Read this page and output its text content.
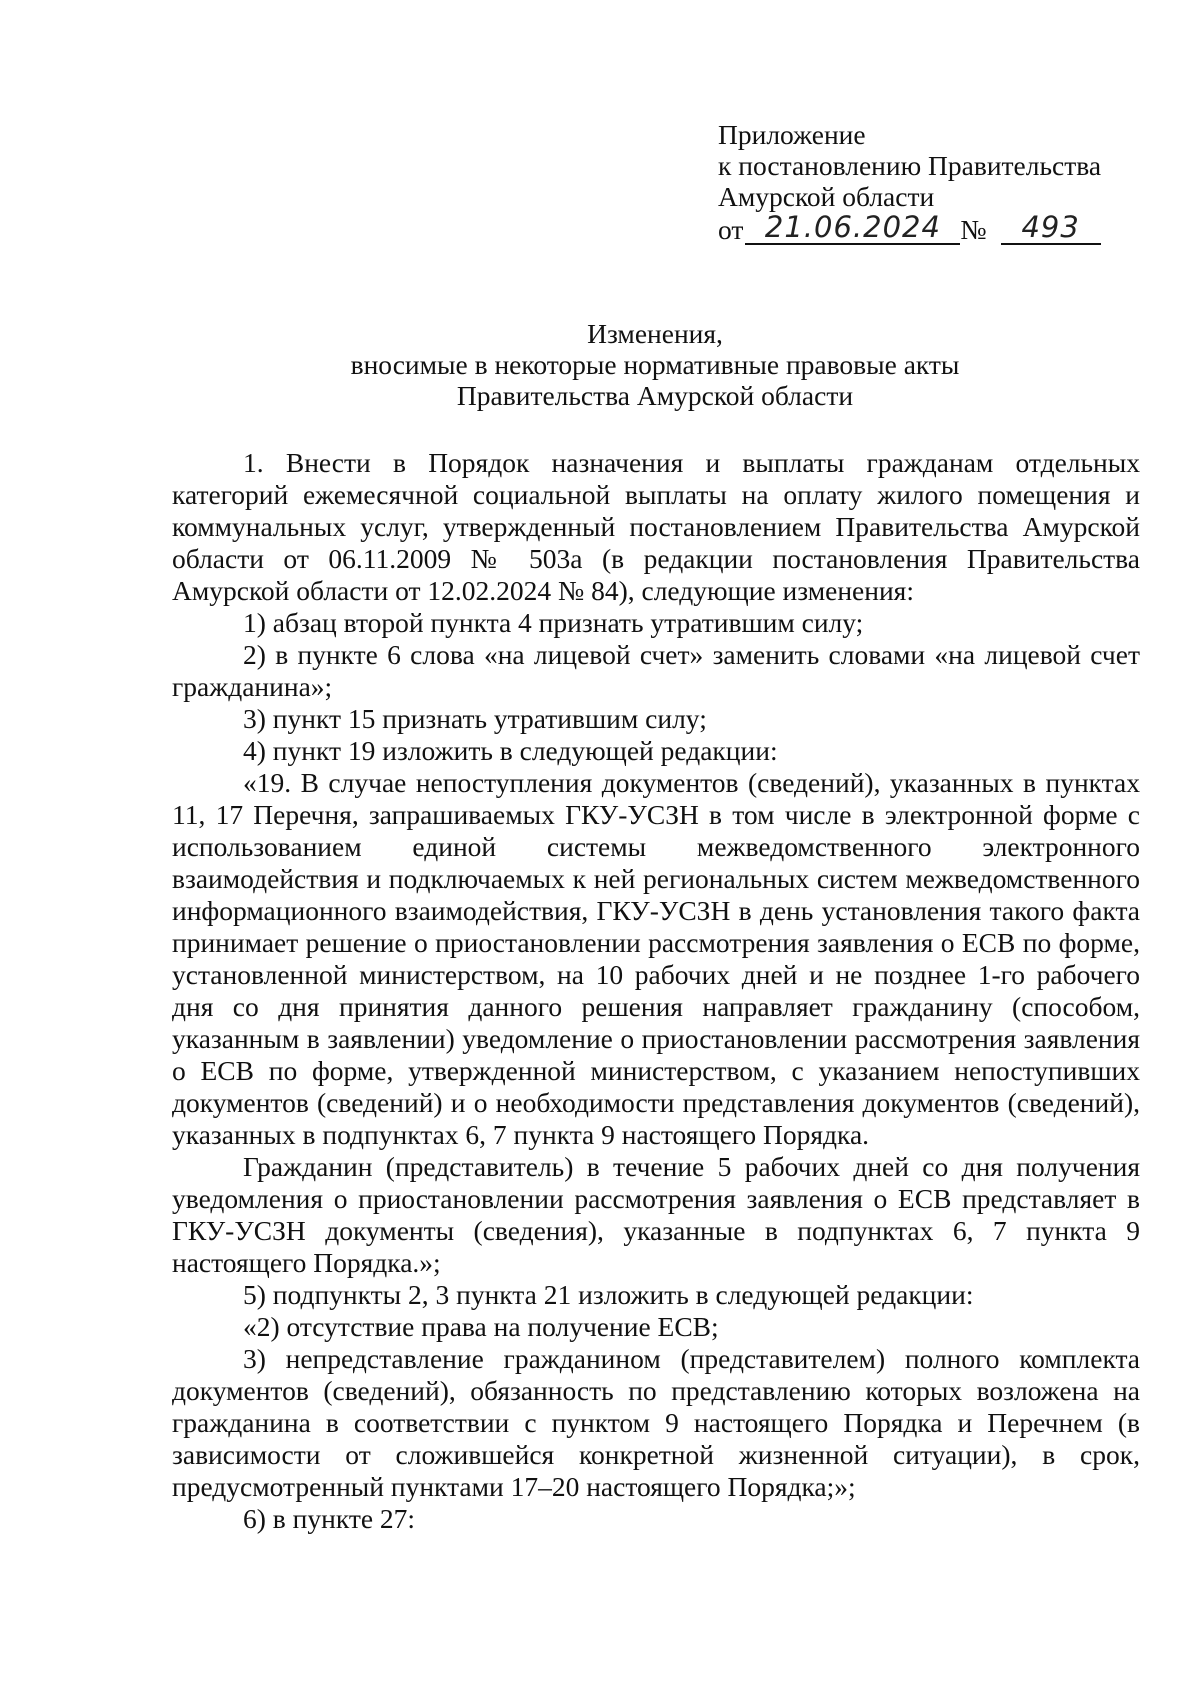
Приложение
к постановлению Правительства
Амурской области
от 21.06.2024 №	493
Изменения,
вносимые в некоторые нормативные правовые акты
Правительства Амурской области

1. Внести в Порядок назначения и выплаты гражданам отдельных категорий ежемесячной социальной выплаты на оплату жилого помещения и коммунальных услуг, утвержденный постановлением Правительства Амурской области от 06.11.2009 № 503а (в редакции постановления Правительства Амурской области от 12.02.2024 № 84), следующие изменения:

1) абзац второй пункта 4 признать утратившим силу;

2) в пункте 6 слова «на лицевой счет» заменить словами «на лицевой счет гражданина»;

3) пункт 15 признать утратившим силу;

4) пункт 19 изложить в следующей редакции:

«19. В случае непоступления документов (сведений), указанных в пунктах 11, 17 Перечня, запрашиваемых ГКУ-УСЗН в том числе в электронной форме с использованием единой системы межведомственного электронного взаимодействия и подключаемых к ней региональных систем межведомственного информационного взаимодействия, ГКУ-УСЗН в день установления такого факта принимает решение о приостановлении рассмотрения заявления о ЕСВ по форме, установленной министерством, на 10 рабочих дней и не позднее 1-го рабочего дня со дня принятия данного решения направляет гражданину (способом, указанным в заявлении) уведомление о приостановлении рассмотрения заявления о ЕСВ по форме, утвержденной министерством, с указанием непоступивших документов (сведений) и о необходимости представления документов (сведений), указанных в подпунктах 6, 7 пункта 9 настоящего Порядка.

Гражданин (представитель) в течение 5 рабочих дней со дня получения уведомления о приостановлении рассмотрения заявления о ЕСВ представляет в ГКУ-УСЗН документы (сведения), указанные в подпунктах 6, 7 пункта 9 настоящего Порядка.»;

5) подпункты 2, 3 пункта 21 изложить в следующей редакции:

«2) отсутствие права на получение ЕСВ;

3) непредставление гражданином (представителем) полного комплекта документов (сведений), обязанность по представлению которых возложена на гражданина в соответствии с пунктом 9 настоящего Порядка и Перечнем (в зависимости от сложившейся конкретной жизненной ситуации), в срок, предусмотренный пунктами 17–20 настоящего Порядка;»;

6) в пункте 27:
